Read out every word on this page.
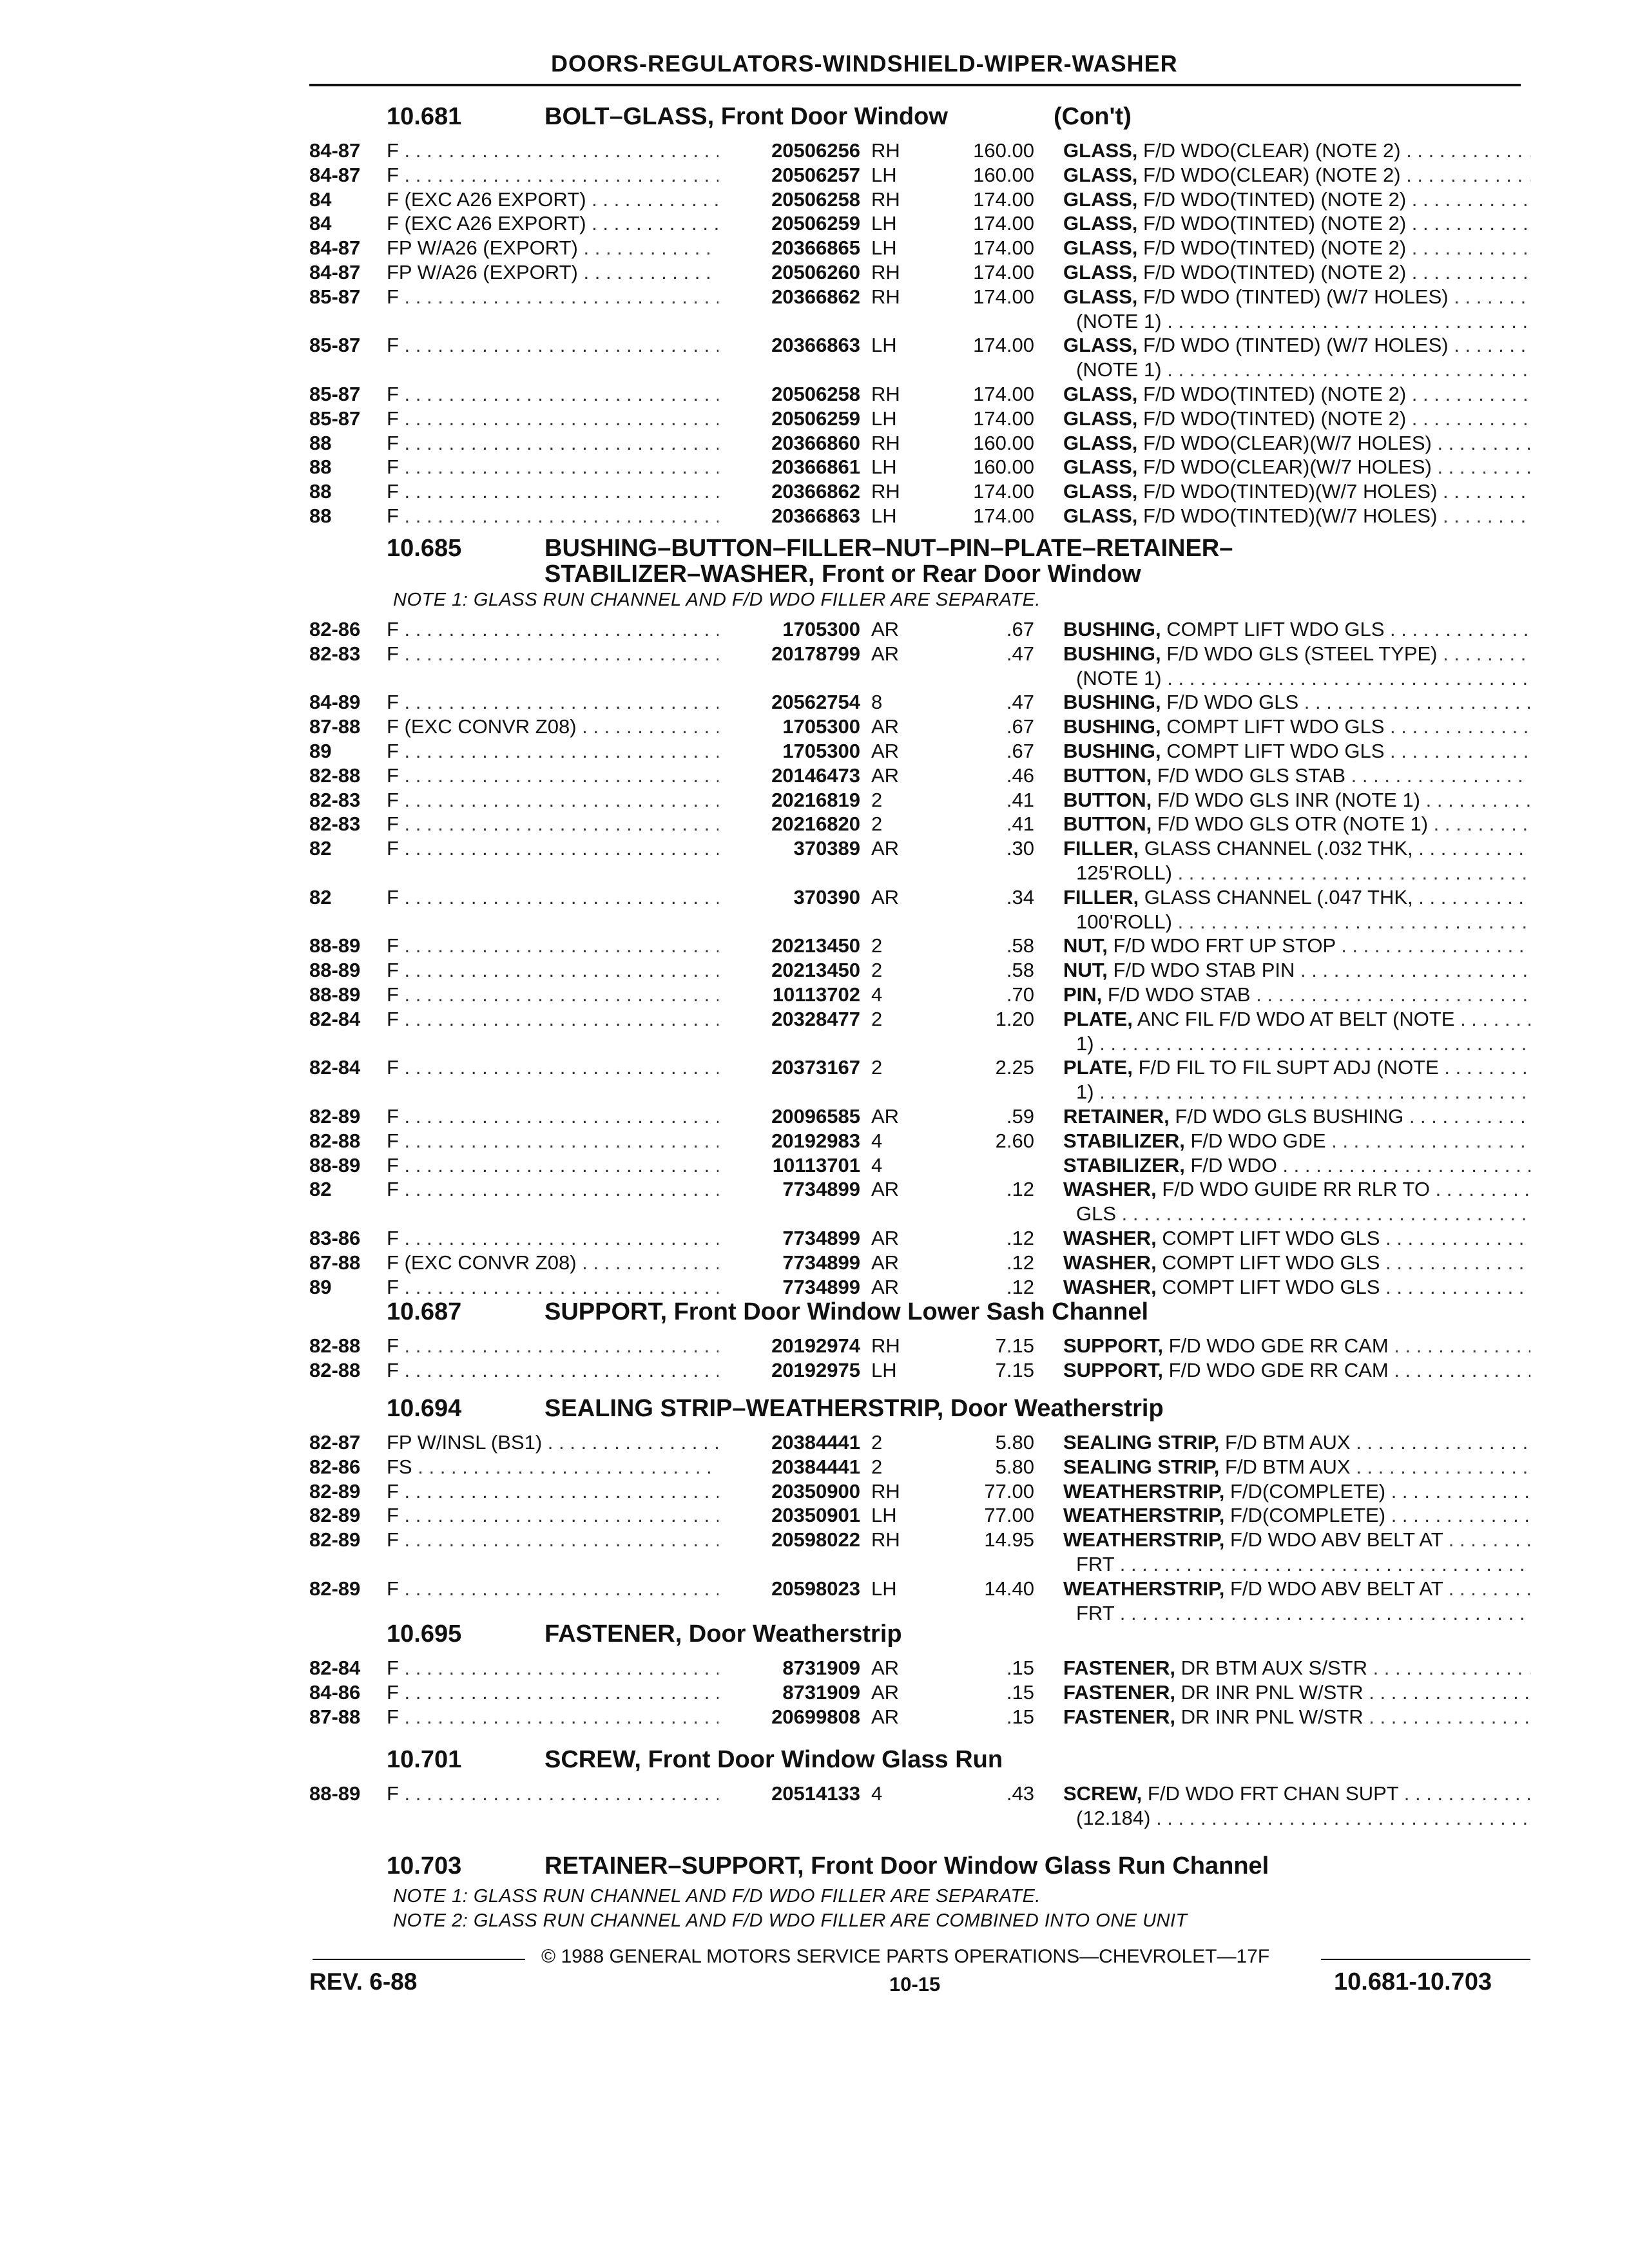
DOORS-REGULATORS-WINDSHIELD-WIPER-WASHER
10.681	BOLT–GLASS, Front Door Window	(Con't)
84-87 F . . .	20506256 RH	160.00 GLASS, F/D WDO(CLEAR) (NOTE 2) . . .
84-87 F . . .	20506257 LH	160.00 GLASS, F/D WDO(CLEAR) (NOTE 2) . . .
84	F (EXC A26 EXPORT) . . .	20506258 RH	174.00 GLASS, F/D WDO(TINTED) (NOTE 2) . . .
84	F (EXC A26 EXPORT) . . .	20506259 LH	174.00 GLASS, F/D WDO(TINTED) (NOTE 2) . . .
84-87 FP W/A26 (EXPORT) . . .	20366865 LH	174.00 GLASS, F/D WDO(TINTED) (NOTE 2) . . .
84-87 FP W/A26 (EXPORT) . . .	20506260 RH	174.00 GLASS, F/D WDO(TINTED) (NOTE 2) . . .
85-87 F . . .	20366862 RH	174.00 GLASS, F/D WDO (TINTED) (W/7 HOLES) . . .
(NOTE 1) . . .
85-87 F . . .	20366863 LH	174.00 GLASS, F/D WDO (TINTED) (W/7 HOLES) . . .
(NOTE 1) . . .
85-87 F . . .	20506258 RH	174.00 GLASS, F/D WDO(TINTED) (NOTE 2) . . .
85-87 F . . .	20506259 LH	174.00 GLASS, F/D WDO(TINTED) (NOTE 2) . . .
88	F . . .	20366860 RH	160.00 GLASS, F/D WDO(CLEAR)(W/7 HOLES) . . .
88	F . . .	20366861 LH	160.00 GLASS, F/D WDO(CLEAR)(W/7 HOLES) . . .
88	F . . .	20366862 RH	174.00 GLASS, F/D WDO(TINTED)(W/7 HOLES) . . .
88	F . . .	20366863 LH	174.00 GLASS, F/D WDO(TINTED)(W/7 HOLES) . . .
10.685	BUSHING–BUTTON–FILLER–NUT–PIN–PLATE–RETAINER–
STABILIZER–WASHER, Front or Rear Door Window
NOTE 1: GLASS RUN CHANNEL AND F/D WDO FILLER ARE SEPARATE.
82-86 F . . .	1705300 AR	.67 BUSHING, COMPT LIFT WDO GLS . . .
82-83 F . . .	20178799 AR	.47 BUSHING, F/D WDO GLS (STEEL TYPE) . . .
(NOTE 1) . . .
84-89 F . . .	20562754 8	.47 BUSHING, F/D WDO GLS . . .
87-88 F (EXC CONVR Z08) . . .	1705300 AR	.67 BUSHING, COMPT LIFT WDO GLS . . .
89	F . . .	1705300 AR	.67 BUSHING, COMPT LIFT WDO GLS . . .
82-88 F . . .	20146473 AR	.46 BUTTON, F/D WDO GLS STAB . . .
82-83 F . . .	20216819 2	.41 BUTTON, F/D WDO GLS INR (NOTE 1) . . .
82-83 F . . .	20216820 2	.41 BUTTON, F/D WDO GLS OTR (NOTE 1) . . .
82	F . . .	370389 AR	.30 FILLER, GLASS CHANNEL (.032 THK, . . .
125'ROLL) . . .
82	F . . .	370390 AR	.34 FILLER, GLASS CHANNEL (.047 THK, . . .
100'ROLL) . . .
88-89 F . . .	20213450 2	.58 NUT, F/D WDO FRT UP STOP . . .
88-89 F . . .	20213450 2	.58 NUT, F/D WDO STAB PIN . . .
88-89 F . . .	10113702 4	.70 PIN, F/D WDO STAB . . .
82-84 F . . .	20328477 2	1.20 PLATE, ANC FIL F/D WDO AT BELT (NOTE . . .
1) . . .
82-84 F . . .	20373167 2	2.25 PLATE, F/D FIL TO FIL SUPT ADJ (NOTE . . .
1) . . .
82-89 F . . .	20096585 AR	.59 RETAINER, F/D WDO GLS BUSHING . . .
82-88 F . . .	20192983 4	2.60 STABILIZER, F/D WDO GDE . . .
88-89 F . . .	10113701 4	STABILIZER, F/D WDO . . .
82	F . . .	7734899 AR	.12 WASHER, F/D WDO GUIDE RR RLR TO . . .
GLS . . .
83-86 F . . .	7734899 AR	.12 WASHER, COMPT LIFT WDO GLS . . .
87-88 F (EXC CONVR Z08) . . .	7734899 AR	.12 WASHER, COMPT LIFT WDO GLS . . .
89	F . . .	7734899 AR	.12 WASHER, COMPT LIFT WDO GLS . . .
10.687	SUPPORT, Front Door Window Lower Sash Channel
82-88 F . . .	20192974 RH	7.15 SUPPORT, F/D WDO GDE RR CAM . . .
82-88 F . . .	20192975 LH	7.15 SUPPORT, F/D WDO GDE RR CAM . . .
10.694	SEALING STRIP–WEATHERSTRIP, Door Weatherstrip
82-87 FP W/INSL (BS1) . . .	20384441 2	5.80 SEALING STRIP, F/D BTM AUX . . .
82-86 FS . . .	20384441 2	5.80 SEALING STRIP, F/D BTM AUX . . .
82-89 F . . .	20350900 RH	77.00 WEATHERSTRIP, F/D(COMPLETE) . . .
82-89 F . . .	20350901 LH	77.00 WEATHERSTRIP, F/D(COMPLETE) . . .
82-89 F . . .	20598022 RH	14.95 WEATHERSTRIP, F/D WDO ABV BELT AT . . .
FRT . . .
82-89 F . . .	20598023 LH	14.40 WEATHERSTRIP, F/D WDO ABV BELT AT . . .
FRT . . .
10.695	FASTENER, Door Weatherstrip
82-84 F . . .	8731909 AR	.15 FASTENER, DR BTM AUX S/STR . . .
84-86 F . . .	8731909 AR	.15 FASTENER, DR INR PNL W/STR . . .
87-88 F . . .	20699808 AR	.15 FASTENER, DR INR PNL W/STR . . .
10.701	SCREW, Front Door Window Glass Run
88-89 F . . .	20514133 4	.43 SCREW, F/D WDO FRT CHAN SUPT . . .
(12.184) . . .
10.703	RETAINER–SUPPORT, Front Door Window Glass Run Channel
NOTE 1: GLASS RUN CHANNEL AND F/D WDO FILLER ARE SEPARATE.
NOTE 2: GLASS RUN CHANNEL AND F/D WDO FILLER ARE COMBINED INTO ONE UNIT
© 1988 GENERAL MOTORS SERVICE PARTS OPERATIONS—CHEVROLET—17F
REV. 6-88	10-15	10.681-10.703
